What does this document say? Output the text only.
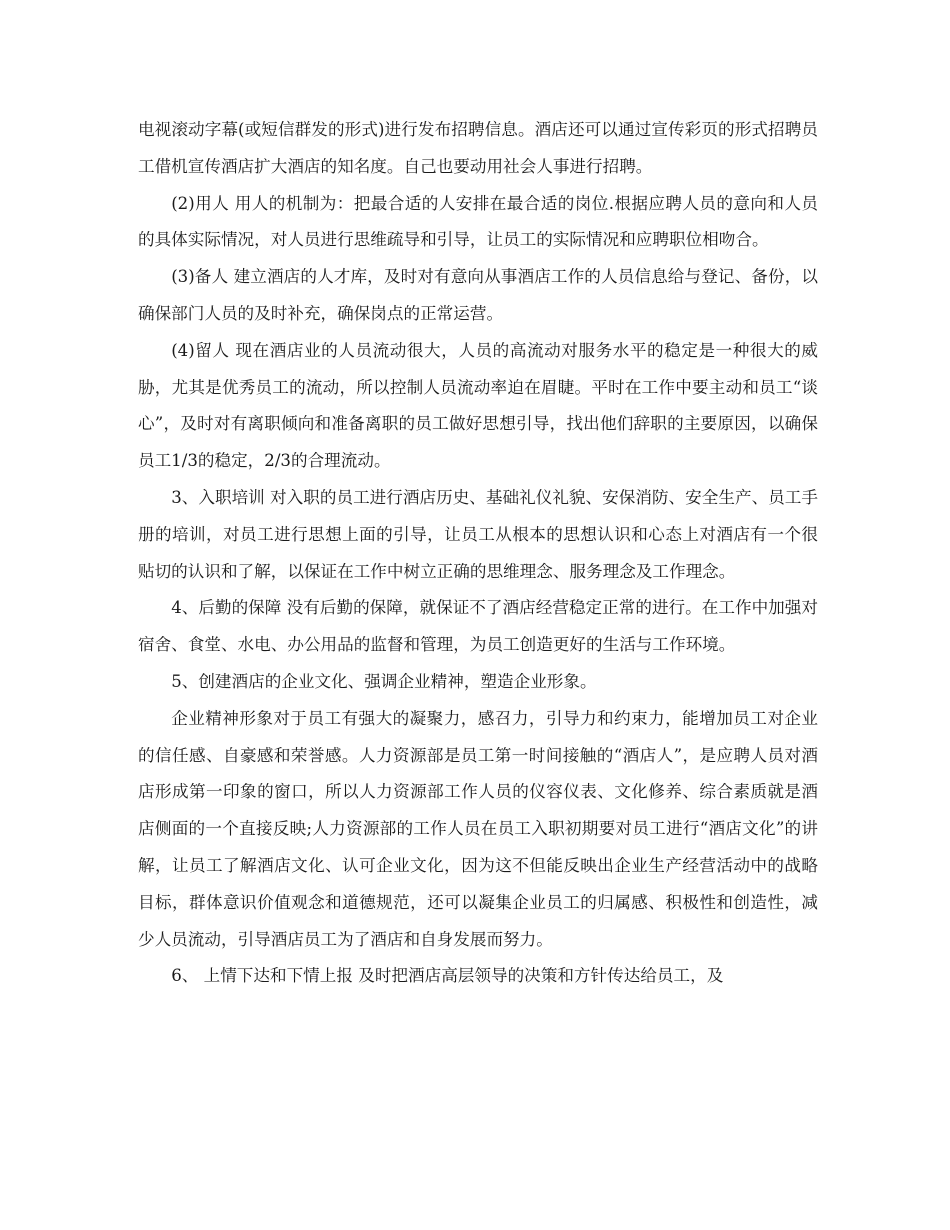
电视滚动字幕(或短信群发的形式)进行发布招聘信息。酒店还可以通过宣传彩页的形式招聘员工借机宣传酒店扩大酒店的知名度。自己也要动用社会人事进行招聘。

(2)用人 用人的机制为：把最合适的人安排在最合适的岗位.根据应聘人员的意向和人员的具体实际情况，对人员进行思维疏导和引导，让员工的实际情况和应聘职位相吻合。

(3)备人 建立酒店的人才库，及时对有意向从事酒店工作的人员信息给与登记、备份，以确保部门人员的及时补充，确保岗点的正常运营。

(4)留人 现在酒店业的人员流动很大，人员的高流动对服务水平的稳定是一种很大的威胁，尤其是优秀员工的流动，所以控制人员流动率迫在眉睫。平时在工作中要主动和员工“谈心”，及时对有离职倾向和准备离职的员工做好思想引导，找出他们辞职的主要原因，以确保员工1/3的稳定，2/3的合理流动。

3、入职培训 对入职的员工进行酒店历史、基础礼仪礼貌、安保消防、安全生产、员工手册的培训，对员工进行思想上面的引导，让员工从根本的思想认识和心态上对酒店有一个很贴切的认识和了解，以保证在工作中树立正确的思维理念、服务理念及工作理念。

4、后勤的保障 没有后勤的保障，就保证不了酒店经营稳定正常的进行。在工作中加强对宿舍、食堂、水电、办公用品的监督和管理，为员工创造更好的生活与工作环境。

5、创建酒店的企业文化、强调企业精神，塑造企业形象。

企业精神形象对于员工有强大的凝聚力，感召力，引导力和约束力，能增加员工对企业的信任感、自豪感和荣誉感。人力资源部是员工第一时间接触的“酒店人”，是应聘人员对酒店形成第一印象的窗口，所以人力资源部工作人员的仪容仪表、文化修养、综合素质就是酒店侧面的一个直接反映;人力资源部的工作人员在员工入职初期要对员工进行“酒店文化”的讲解，让员工了解酒店文化、认可企业文化，因为这不但能反映出企业生产经营活动中的战略目标，群体意识价值观念和道德规范，还可以凝集企业员工的归属感、积极性和创造性，减少人员流动，引导酒店员工为了酒店和自身发展而努力。

6、 上情下达和下情上报 及时把酒店高层领导的决策和方针传达给员工，及
